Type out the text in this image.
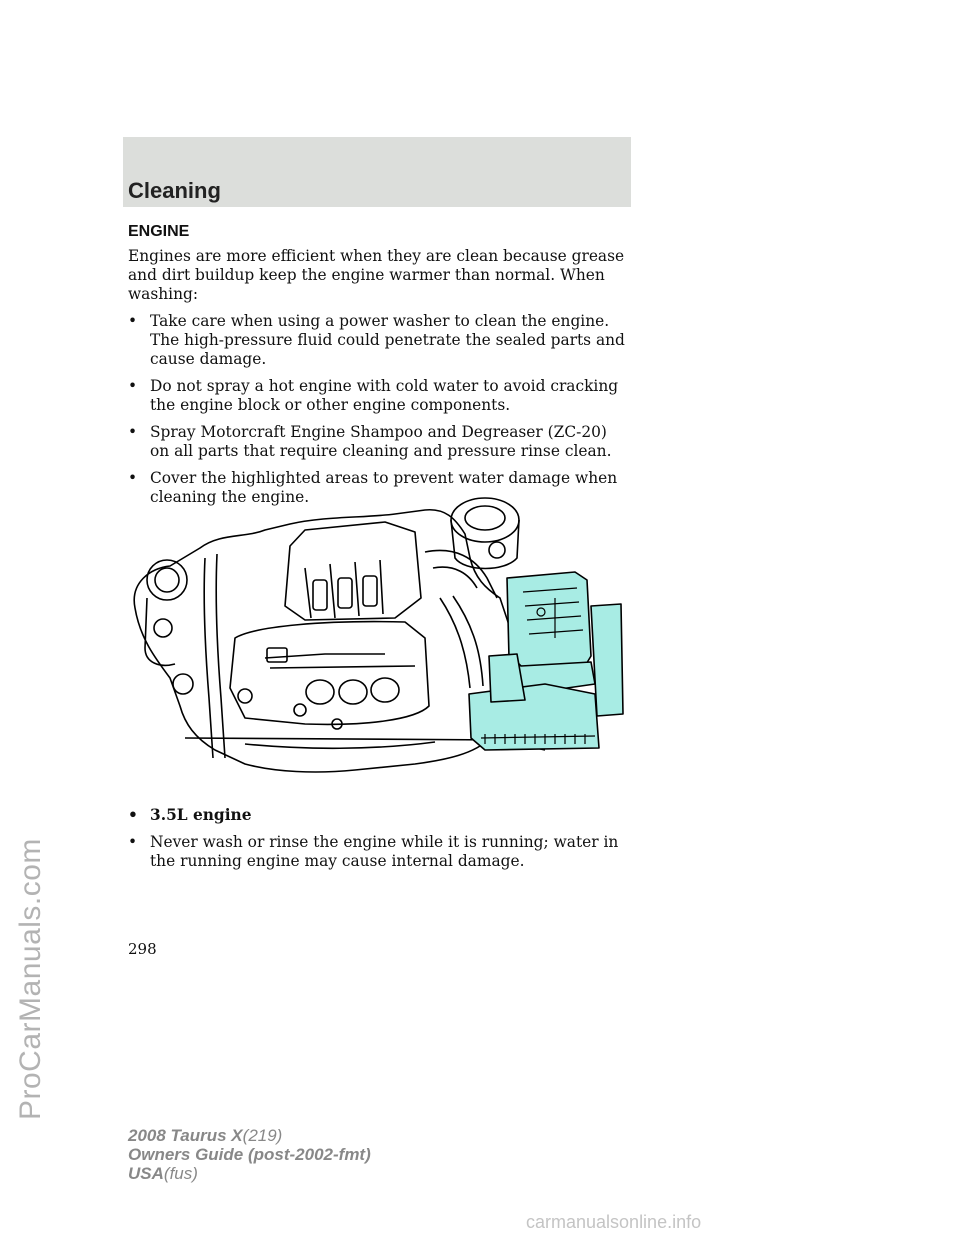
Cleaning
ENGINE

Engines are more efficient when they are clean because grease and dirt buildup keep the engine warmer than normal. When washing:

• Take care when using a power washer to clean the engine. The high-pressure fluid could penetrate the sealed parts and cause damage.
• Do not spray a hot engine with cold water to avoid cracking the engine block or other engine components.
• Spray Motorcraft Engine Shampoo and Degreaser (ZC-20) on all parts that require cleaning and pressure rinse clean.
• Cover the highlighted areas to prevent water damage when cleaning the engine.
• 3.5L engine
• Never wash or rinse the engine while it is running; water in the running engine may cause internal damage.
298
2008 Taurus X(219)
Owners Guide (post-2002-fmt)
USA(fus)
ProCarManuals.com
carmanualsonline.info
